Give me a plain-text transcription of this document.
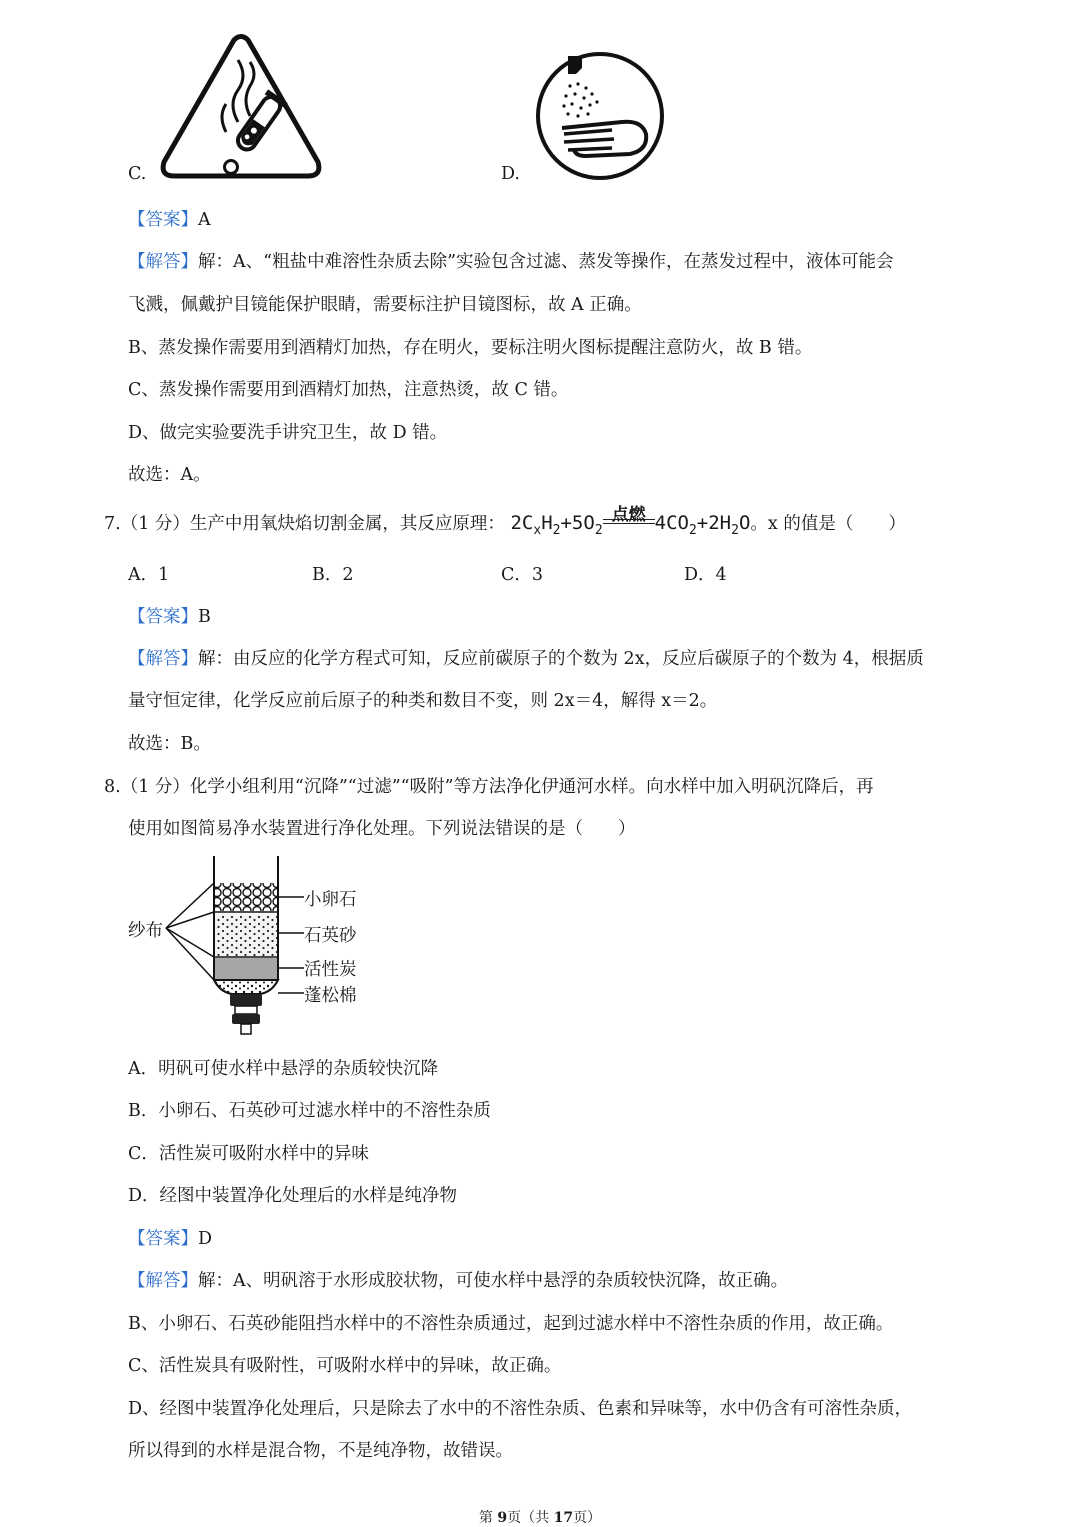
C.	D.
【答案】A
【解答】解：A、“粗盐中难溶性杂质去除”实验包含过滤、蒸发等操作，在蒸发过程中，液体可能会
飞溅，佩戴护目镜能保护眼睛，需要标注护目镜图标，故 A 正确。
B、蒸发操作需要用到酒精灯加热，存在明火，要标注明火图标提醒注意防火，故 B 错。
C、蒸发操作需要用到酒精灯加热，注意热烫，故 C 错。
D、做完实验要洗手讲究卫生，故 D 错。
故选：A。
7.（1 分）生产中用氧炔焰切割金属，其反应原理： $2C_xH_2+5O_2$
点燃 $4CO_2+2H_2O$。x 的值是（　　）
A．1	B．2	C．3	D．4
【答案】B
【解答】解：由反应的化学方程式可知，反应前碳原子的个数为 2x，反应后碳原子的个数为 4，根据质
量守恒定律，化学反应前后原子的种类和数目不变，则 2x＝4，解得 x＝2。
故选：B。
8.（1 分）化学小组利用“沉降”“过滤”“吸附”等方法净化伊通河水样。向水样中加入明矾沉降后，再
使用如图简易净水装置进行净化处理。下列说法错误的是（　　）
纱布
小卵石
石英砂
活性炭
蓬松棉
A．明矾可使水样中悬浮的杂质较快沉降
B．小卵石、石英砂可过滤水样中的不溶性杂质
C．活性炭可吸附水样中的异味
D．经图中装置净化处理后的水样是纯净物
【答案】D
【解答】解：A、明矾溶于水形成胶状物，可使水样中悬浮的杂质较快沉降，故正确。
B、小卵石、石英砂能阻挡水样中的不溶性杂质通过，起到过滤水样中不溶性杂质的作用，故正确。
C、活性炭具有吸附性，可吸附水样中的异味，故正确。
D、经图中装置净化处理后，只是除去了水中的不溶性杂质、色素和异味等，水中仍含有可溶性杂质，
所以得到的水样是混合物，不是纯净物，故错误。
第 9页（共 17页）
